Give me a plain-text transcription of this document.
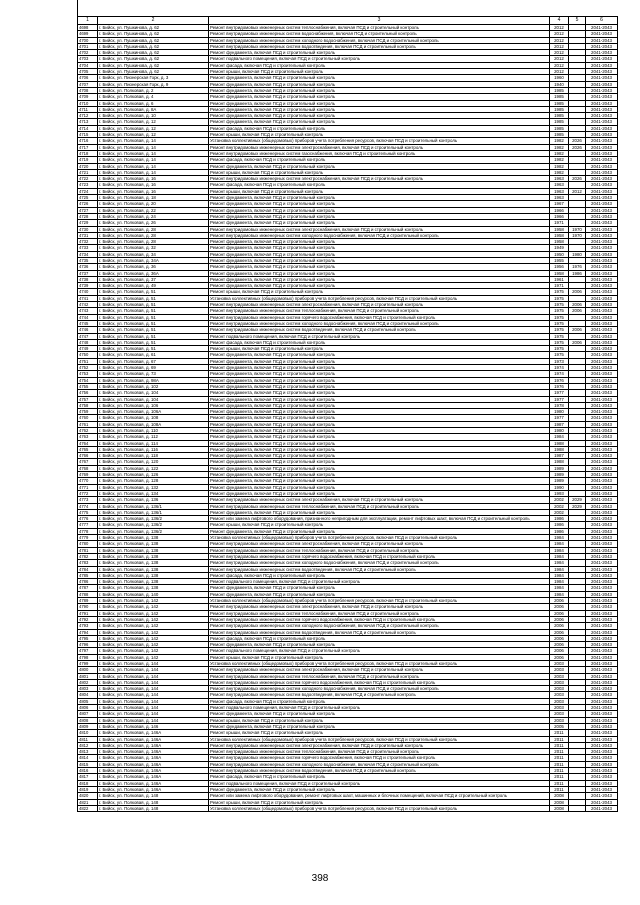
1	2	3	4	5	6
4698	г. Бийск, ул. Пушкинова, д. 62	Ремонт внутридомовых инженерных систем теплоснабжения, включая ПСД и строительный контроль	2012		2041-2043
4699	г. Бийск, ул. Пушкинова, д. 62	Ремонт внутридомовых инженерных систем водоснабжения, включая ПСД и строительный контроль	2012		2041-2043
4700	г. Бийск, ул. Пушкинова, д. 62	Ремонт внутридомовых инженерных систем холодного водоснабжения, включая ПСД и строительный контроль	2012		2041-2043
4701	г. Бийск, ул. Пушкинова, д. 62	Ремонт внутридомовых инженерных систем водоотведения, включая ПСД и строительный контроль	2012		2041-2043
4702	г. Бийск, ул. Пушкинова, д. 62	Ремонт фундамента, включая ПСД и строительный контроль	2012		2041-2043
4703	г. Бийск, ул. Пушкинова, д. 62	Ремонт подвального помещения, включая ПСД и строительный контроль	2012		2041-2043
4704	г. Бийск, ул. Пушкинова, д. 62	Ремонт фасада, включая ПСД и строительный контроль	2012		2041-2043
4705	г. Бийск, ул. Пушкинова, д. 62	Ремонт крыши, включая ПСД и строительный контроль	2012		2041-2043
4706	г. Бийск, ул. Пионерская Горк, д. 3	Ремонт фундамента, включая ПСД и строительный контроль	1960		2041-2043
4707	г. Бийск, ул. Пионерская Горк, д. 9	Ремонт фундамента, включая ПСД и строительный контроль	1940		2041-2043
4708	г. Бийск, ул. Полковая, д. 2	Ремонт фундамента, включая ПСД и строительный контроль	1985		2041-2043
4709	г. Бийск, ул. Полковая, д. 4	Ремонт фундамента, включая ПСД и строительный контроль	1985		2041-2043
4710	г. Бийск, ул. Полковая, д. 6	Ремонт фундамента, включая ПСД и строительный контроль	1985		2041-2043
4711	г. Бийск, ул. Полковая, д. 8А	Ремонт фундамента, включая ПСД и строительный контроль	1985		2041-2043
4712	г. Бийск, ул. Полковая, д. 10	Ремонт фундамента, включая ПСД и строительный контроль	1985		2041-2043
4713	г. Бийск, ул. Полковая, д. 12	Ремонт фундамента, включая ПСД и строительный контроль	1985		2041-2043
4714	г. Бийск, ул. Полковая, д. 12	Ремонт фасада, включая ПСД и строительный контроль	1985		2041-2043
4715	г. Бийск, ул. Полковая, д. 12	Ремонт крыши, включая ПСД и строительный контроль	1985		2041-2043
4716	г. Бийск, ул. Полковая, д. 14	Установка коллективных (общедомовых) приборов учета потребления ресурсов, включая ПСД и строительный контроль	1982	2026	2041-2043
4717	г. Бийск, ул. Полковая, д. 14	Ремонт внутридомовых инженерных систем электроснабжения, включая ПСД и строительный контроль	1982	2026	2041-2043
4718	г. Бийск, ул. Полковая, д. 14	Ремонт внутридомовых инженерных систем газоснабжения, включая ПСД и строительный контроль	1982		2041-2043
4719	г. Бийск, ул. Полковая, д. 14	Ремонт фасада, включая ПСД и строительный контроль	1982		2041-2043
4720	г. Бийск, ул. Полковая, д. 14	Ремонт фундамента, включая ПСД и строительный контроль	1982		2041-2043
4721	г. Бийск, ул. Полковая, д. 14	Ремонт крыши, включая ПСД и строительный контроль	1982		2041-2043
4722	г. Бийск, ул. Полковая, д. 16	Ремонт внутридомовых инженерных систем электроснабжения, включая ПСД и строительный контроль	1963	2026	2041-2043
4723	г. Бийск, ул. Полковая, д. 16	Ремонт фасада, включая ПСД и строительный контроль	1963		2041-2043
4724	г. Бийск, ул. Полковая, д. 16	Ремонт крыши, включая ПСД и строительный контроль	1963	2012	2041-2043
4725	г. Бийск, ул. Полковая, д. 18	Ремонт фундамента, включая ПСД и строительный контроль	1963		2041-2043
4726	г. Бийск, ул. Полковая, д. 20	Ремонт фундамента, включая ПСД и строительный контроль	1967		2041-2043
4727	г. Бийск, ул. Полковая, д. 22	Ремонт фундамента, включая ПСД и строительный контроль	1966		2041-2043
4728	г. Бийск, ул. Полковая, д. 24	Ремонт фундамента, включая ПСД и строительный контроль	1966		2041-2043
4729	г. Бийск, ул. Полковая, д. 26	Ремонт фундамента, включая ПСД и строительный контроль	1971		2041-2043
4730	г. Бийск, ул. Полковая, д. 28	Ремонт внутридомовых инженерных систем электроснабжения, включая ПСД и строительный контроль	1958	1970	2041-2043
4731	г. Бийск, ул. Полковая, д. 28	Ремонт внутридомовых инженерных систем холодного водоснабжения, включая ПСД и строительный контроль	1958	1970	2041-2043
4732	г. Бийск, ул. Полковая, д. 28	Ремонт фундамента, включая ПСД и строительный контроль	1958		2041-2043
4733	г. Бийск, ул. Полковая, д. 32	Ремонт фундамента, включая ПСД и строительный контроль	1949		2041-2043
4734	г. Бийск, ул. Полковая, д. 34	Ремонт фундамента, включая ПСД и строительный контроль	1950	1980	2041-2043
4735	г. Бийск, ул. Полковая, д. 34А	Ремонт фундамента, включая ПСД и строительный контроль	1955		2041-2043
4736	г. Бийск, ул. Полковая, д. 36	Ремонт фундамента, включая ПСД и строительный контроль	1956	1976	2041-2043
4737	г. Бийск, ул. Полковая, д. 36А	Ремонт фундамента, включая ПСД и строительный контроль	1958	1986	2041-2043
4738	г. Бийск, ул. Полковая, д. 37	Ремонт фундамента, включая ПСД и строительный контроль	1961		2041-2043
4739	г. Бийск, ул. Полковая, д. 49	Ремонт фундамента, включая ПСД и строительный контроль	1971		2041-2043
4740	г. Бийск, ул. Полковая, д. 51	Ремонт крыши, включая ПСД и строительный контроль	1975	2006	2041-2043
4741	г. Бийск, ул. Полковая, д. 51	Установка коллективных (общедомовых) приборов учета потребления ресурсов, включая ПСД и строительный контроль	1975		2041-2043
4742	г. Бийск, ул. Полковая, д. 51	Ремонт внутридомовых инженерных систем электроснабжения, включая ПСД и строительный контроль	1975	2006	2041-2043
4743	г. Бийск, ул. Полковая, д. 51	Ремонт внутридомовых инженерных систем теплоснабжения, включая ПСД и строительный контроль	1975	2006	2041-2043
4744	г. Бийск, ул. Полковая, д. 51	Ремонт внутридомовых инженерных систем горячего водоснабжения, включая ПСД и строительный контроль	1975		2041-2043
4745	г. Бийск, ул. Полковая, д. 51	Ремонт внутридомовых инженерных систем холодного водоснабжения, включая ПСД и строительный контроль	1975		2041-2043
4746	г. Бийск, ул. Полковая, д. 51	Ремонт внутридомовых инженерных систем водоотведения, включая ПСД и строительный контроль	1975	2006	2041-2043
4747	г. Бийск, ул. Полковая, д. 51	Ремонт подвального помещения, включая ПСД и строительный контроль	1975		2041-2043
4748	г. Бийск, ул. Полковая, д. 51	Ремонт фасада, включая ПСД и строительный контроль	1975	2006	2041-2043
4749	г. Бийск, ул. Полковая, д. 51	Ремонт крыши, включая ПСД и строительный контроль	1975		2041-2043
4750	г. Бийск, ул. Полковая, д. 61	Ремонт фундамента, включая ПСД и строительный контроль	1975		2041-2043
4751	г. Бийск, ул. Полковая, д. 67	Ремонт фундамента, включая ПСД и строительный контроль	1973		2041-2043
4752	г. Бийск, ул. Полковая, д. 69	Ремонт фундамента, включая ПСД и строительный контроль	1974		2041-2043
4753	г. Бийск, ул. Полковая, д. 73	Ремонт фундамента, включая ПСД и строительный контроль	1974		2041-2043
4754	г. Бийск, ул. Полковая, д. 98А	Ремонт фундамента, включая ПСД и строительный контроль	1976		2041-2043
4755	г. Бийск, ул. Полковая, д. 102	Ремонт фундамента, включая ПСД и строительный контроль	1976		2041-2043
4756	г. Бийск, ул. Полковая, д. 104	Ремонт фундамента, включая ПСД и строительный контроль	1977		2041-2043
4757	г. Бийск, ул. Полковая, д. 104	Ремонт фундамента, включая ПСД и строительный контроль	1977		2041-2043
4758	г. Бийск, ул. Полковая, д. 106	Ремонт фундамента, включая ПСД и строительный контроль	1978		2041-2043
4759	г. Бийск, ул. Полковая, д. 106А	Ремонт фундамента, включая ПСД и строительный контроль	1980		2041-2043
4760	г. Бийск, ул. Полковая, д. 108	Ремонт фундамента, включая ПСД и строительный контроль	1977		2041-2043
4761	г. Бийск, ул. Полковая, д. 108А	Ремонт фундамента, включая ПСД и строительный контроль	1987		2041-2043
4762	г. Бийск, ул. Полковая, д. 110	Ремонт фундамента, включая ПСД и строительный контроль	1980		2041-2043
4763	г. Бийск, ул. Полковая, д. 112	Ремонт фундамента, включая ПСД и строительный контроль	1984		2041-2043
4764	г. Бийск, ул. Полковая, д. 114	Ремонт фундамента, включая ПСД и строительный контроль	1988		2041-2043
4765	г. Бийск, ул. Полковая, д. 116	Ремонт фундамента, включая ПСД и строительный контроль	1988		2041-2043
4766	г. Бийск, ул. Полковая, д. 118	Ремонт фундамента, включая ПСД и строительный контроль	1987		2041-2043
4767	г. Бийск, ул. Полковая, д. 120	Ремонт фундамента, включая ПСД и строительный контроль	1988		2041-2043
4768	г. Бийск, ул. Полковая, д. 122	Ремонт фундамента, включая ПСД и строительный контроль	1989		2041-2043
4769	г. Бийск, ул. Полковая, д. 126	Ремонт фундамента, включая ПСД и строительный контроль	1989		2041-2043
4770	г. Бийск, ул. Полковая, д. 128	Ремонт фундамента, включая ПСД и строительный контроль	1989		2041-2043
4771	г. Бийск, ул. Полковая, д. 132	Ремонт фундамента, включая ПСД и строительный контроль	1990		2041-2043
4772	г. Бийск, ул. Полковая, д. 134	Ремонт фундамента, включая ПСД и строительный контроль	1993		2041-2043
4773	г. Бийск, ул. Полковая, д. 136	Ремонт внутридомовых инженерных систем электроснабжения, включая ПСД и строительный контроль	2002	2029	2041-2043
4774	г. Бийск, ул. Полковая, д. 136/1	Ремонт внутридомовых инженерных систем теплоснабжения, включая ПСД и строительный контроль	2002	2029	2041-2043
4775	г. Бийск, ул. Полковая, д. 136/1	Ремонт фундамента, включая ПСД и строительный контроль	2002		2041-2043
4776	г. Бийск, ул. Полковая, д. 136/2	Ремонт или замена лифтового оборудования, признанного непригодным для эксплуатации, ремонт лифтовых шахт, включая ПСД и строительный контроль	1986		2041-2043
4777	г. Бийск, ул. Полковая, д. 136/2	Ремонт крыши, включая ПСД и строительный контроль	1986		2041-2043
4778	г. Бийск, ул. Полковая, д. 136/2	Ремонт фундамента, включая ПСД и строительный контроль	1986		2041-2043
4779	г. Бийск, ул. Полковая, д. 138	Установка коллективных (общедомовых) приборов учета потребления ресурсов, включая ПСД и строительный контроль	1984		2041-2043
4780	г. Бийск, ул. Полковая, д. 138	Ремонт внутридомовых инженерных систем электроснабжения, включая ПСД и строительный контроль	1984		2041-2043
4781	г. Бийск, ул. Полковая, д. 138	Ремонт внутридомовых инженерных систем теплоснабжения, включая ПСД и строительный контроль	1984		2041-2043
4782	г. Бийск, ул. Полковая, д. 138	Ремонт внутридомовых инженерных систем горячего водоснабжения, включая ПСД и строительный контроль	1984		2041-2043
4783	г. Бийск, ул. Полковая, д. 138	Ремонт внутридомовых инженерных систем холодного водоснабжения, включая ПСД и строительный контроль	1984		2041-2043
4784	г. Бийск, ул. Полковая, д. 138	Ремонт внутридомовых инженерных систем водоотведения, включая ПСД и строительный контроль	1984		2041-2043
4785	г. Бийск, ул. Полковая, д. 138	Ремонт фасада, включая ПСД и строительный контроль	1984		2041-2043
4786	г. Бийск, ул. Полковая, д. 138	Ремонт подвального помещения, включая ПСД и строительный контроль	1984		2041-2043
4787	г. Бийск, ул. Полковая, д. 138	Ремонт фундамента, включая ПСД и строительный контроль	1984		2041-2043
4788	г. Бийск, ул. Полковая, д. 140	Ремонт фундамента, включая ПСД и строительный контроль	1984		2041-2043
4789	г. Бийск, ул. Полковая, д. 142	Установка коллективных (общедомовых) приборов учета потребления ресурсов, включая ПСД и строительный контроль	2006		2041-2043
4790	г. Бийск, ул. Полковая, д. 142	Ремонт внутридомовых инженерных систем электроснабжения, включая ПСД и строительный контроль	2006		2041-2043
4791	г. Бийск, ул. Полковая, д. 142	Ремонт внутридомовых инженерных систем теплоснабжения, включая ПСД и строительный контроль	2006		2041-2043
4792	г. Бийск, ул. Полковая, д. 142	Ремонт внутридомовых инженерных систем горячего водоснабжения, включая ПСД и строительный контроль	2006		2041-2043
4793	г. Бийск, ул. Полковая, д. 142	Ремонт внутридомовых инженерных систем холодного водоснабжения, включая ПСД и строительный контроль	2006		2041-2043
4794	г. Бийск, ул. Полковая, д. 142	Ремонт внутридомовых инженерных систем водоотведения, включая ПСД и строительный контроль	2006		2041-2043
4795	г. Бийск, ул. Полковая, д. 142	Ремонт фасада, включая ПСД и строительный контроль	2006		2041-2043
4796	г. Бийск, ул. Полковая, д. 142	Ремонт фундамента, включая ПСД и строительный контроль	2006		2041-2043
4797	г. Бийск, ул. Полковая, д. 142	Ремонт подвального помещения, включая ПСД и строительный контроль	2006		2041-2043
4798	г. Бийск, ул. Полковая, д. 142	Ремонт крыши, включая ПСД и строительный контроль	2006		2041-2043
4799	г. Бийск, ул. Полковая, д. 144	Установка коллективных (общедомовых) приборов учета потребления ресурсов, включая ПСД и строительный контроль	2003		2041-2043
4800	г. Бийск, ул. Полковая, д. 144	Ремонт внутридомовых инженерных систем электроснабжения, включая ПСД и строительный контроль	2003		2041-2043
4801	г. Бийск, ул. Полковая, д. 144	Ремонт внутридомовых инженерных систем теплоснабжения, включая ПСД и строительный контроль	2003		2041-2043
4802	г. Бийск, ул. Полковая, д. 144	Ремонт внутридомовых инженерных систем горячего водоснабжения, включая ПСД и строительный контроль	2003		2041-2043
4803	г. Бийск, ул. Полковая, д. 144	Ремонт внутридомовых инженерных систем холодного водоснабжения, включая ПСД и строительный контроль	2003		2041-2043
4804	г. Бийск, ул. Полковая, д. 144	Ремонт внутридомовых инженерных систем водоотведения, включая ПСД и строительный контроль	2003		2041-2043
4805	г. Бийск, ул. Полковая, д. 144	Ремонт фасада, включая ПСД и строительный контроль	2003		2041-2043
4806	г. Бийск, ул. Полковая, д. 144	Ремонт подвального помещения, включая ПСД и строительный контроль	2003		2041-2043
4807	г. Бийск, ул. Полковая, д. 144	Ремонт фундамента, включая ПСД и строительный контроль	2003		2041-2043
4808	г. Бийск, ул. Полковая, д. 144	Ремонт крыши, включая ПСД и строительный контроль	2003		2041-2043
4809	г. Бийск, ул. Полковая, д. 146	Ремонт фундамента, включая ПСД и строительный контроль	2005		2041-2043
4810	г. Бийск, ул. Полковая, д. 146А	Ремонт крыши, включая ПСД и строительный контроль	2011		2041-2043
4811	г. Бийск, ул. Полковая, д. 146А	Установка коллективных (общедомовых) приборов учета потребления ресурсов, включая ПСД и строительный контроль	2011		2041-2043
4812	г. Бийск, ул. Полковая, д. 146А	Ремонт внутридомовых инженерных систем электроснабжения, включая ПСД и строительный контроль	2011		2041-2043
4813	г. Бийск, ул. Полковая, д. 146А	Ремонт внутридомовых инженерных систем теплоснабжения, включая ПСД и строительный контроль	2011		2041-2043
4814	г. Бийск, ул. Полковая, д. 146А	Ремонт внутридомовых инженерных систем горячего водоснабжения, включая ПСД и строительный контроль	2011		2041-2043
4815	г. Бийск, ул. Полковая, д. 146А	Ремонт внутридомовых инженерных систем холодного водоснабжения, включая ПСД и строительный контроль	2011		2041-2043
4816	г. Бийск, ул. Полковая, д. 146А	Ремонт внутридомовых инженерных систем водоотведения, включая ПСД и строительный контроль	2011		2041-2043
4817	г. Бийск, ул. Полковая, д. 146А	Ремонт фасада, включая ПСД и строительный контроль	2011		2041-2043
4818	г. Бийск, ул. Полковая, д. 146А	Ремонт подвального помещения, включая ПСД и строительный контроль	2011		2041-2043
4819	г. Бийск, ул. Полковая, д. 146А	Ремонт фундамента, включая ПСД и строительный контроль	2011		2041-2043
4820	г. Бийск, ул. Полковая, д. 148	Ремонт или замена лифтового оборудования, ремонт лифтовых шахт, машинных и блочных помещений, включая ПСД и строительный контроль	2008		2041-2043
4821	г. Бийск, ул. Полковая, д. 148	Ремонт крыши, включая ПСД и строительный контроль	2008		2041-2043
4822	г. Бийск, ул. Полковая, д. 148	Установка коллективных (общедомовых) приборов учета потребления ресурсов, включая ПСД и строительный контроль	2008		2041-2043
398
